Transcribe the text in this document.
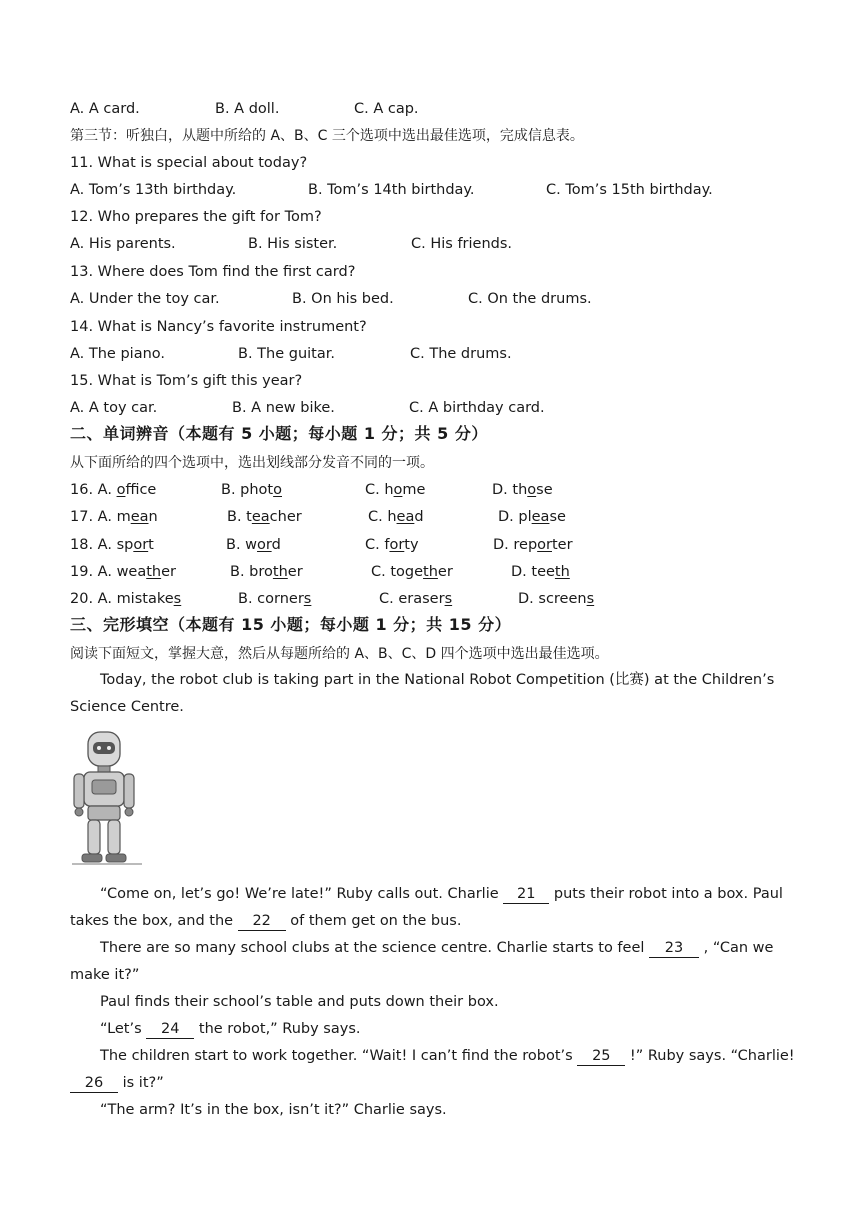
A. A card.	B. A doll.	C. A cap.
第三节：听独白，从题中所给的 A、B、C 三个选项中选出最佳选项，完成信息表。
11. What is special about today?
A. Tom’s 13th birthday.	B. Tom’s 14th birthday.	C. Tom’s 15th birthday.
12. Who prepares the gift for Tom?
A. His parents.	B. His sister.	C. His friends.
13. Where does Tom find the first card?
A. Under the toy car.	B. On his bed.	C. On the drums.
14. What is Nancy’s favorite instrument?
A. The piano.	B. The guitar.	C. The drums.
15. What is Tom’s gift this year?
A. A toy car.	B. A new bike.	C. A birthday card.
二、单词辨音（本题有 5 小题；每小题 1 分；共 5 分）
从下面所给的四个选项中，选出划线部分发音不同的一项。
16. A. office	B. photo	C. home	D. those
17. A. mean	B. teacher	C. head	D. please
18. A. sport	B. word	C. forty	D. reporter
19. A. weather	B. brother	C. together	D. teeth
20. A. mistakes	B. corners	C. erasers	D. screens
三、完形填空（本题有 15 小题；每小题 1 分；共 15 分）
阅读下面短文，掌握大意，然后从每题所给的 A、B、C、D 四个选项中选出最佳选项。
Today, the robot club is taking part in the National Robot Competition (比赛) at the Children’s Science Centre.
“Come on, let’s go! We’re late!” Ruby calls out. Charlie 21 puts their robot into a box. Paul takes the box, and the 22 of them get on the bus.
There are so many school clubs at the science centre. Charlie starts to feel 23 , “Can we make it?”
Paul finds their school’s table and puts down their box.
“Let’s 24 the robot,” Ruby says.
The children start to work together. “Wait! I can’t find the robot’s 25 !” Ruby says. “Charlie! 26 is it?”
“The arm? It’s in the box, isn’t it?” Charlie says.
